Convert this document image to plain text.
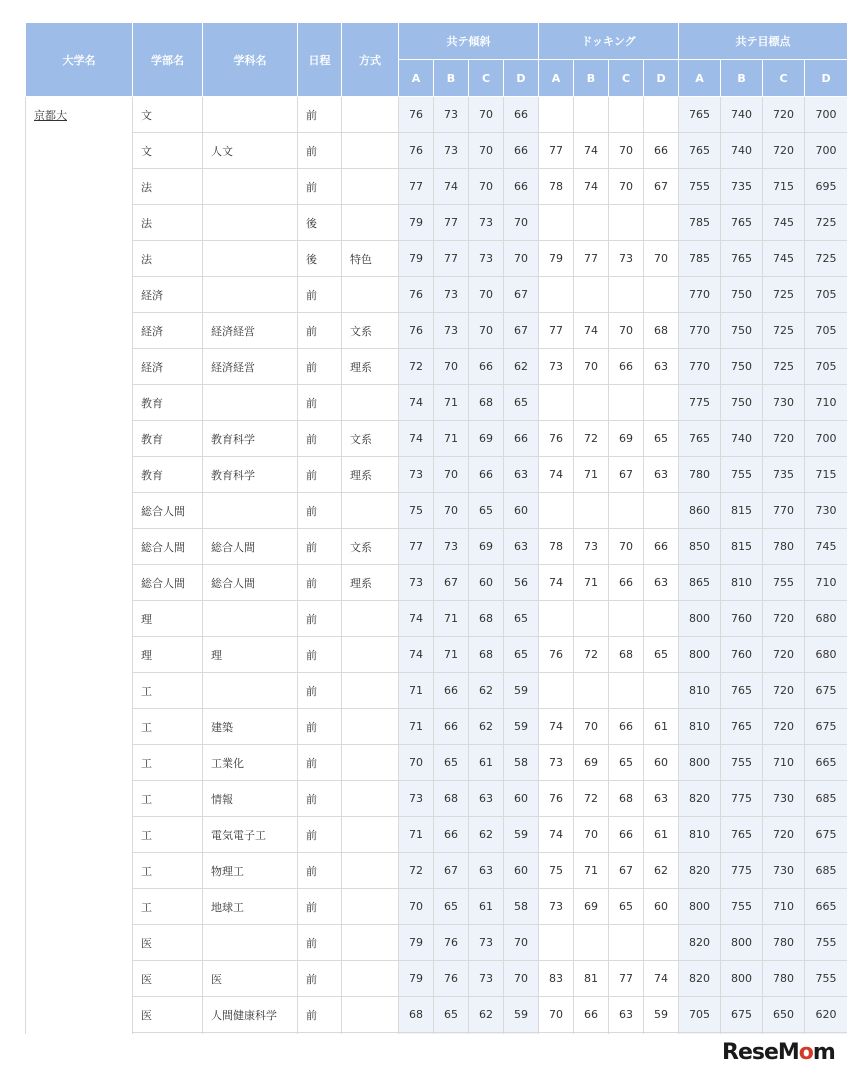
大学名	学部名	学科名	日程	方式	共テ傾斜				ドッキング				共テ目標点			
					A	B	C	D	A	B	C	D	A	B	C	D
京都大	文		前		76	73	70	66					765	740	720	700
	文	人文	前		76	73	70	66	77	74	70	66	765	740	720	700
	法		前		77	74	70	66	78	74	70	67	755	735	715	695
	法		後		79	77	73	70					785	765	745	725
	法		後	特色	79	77	73	70	79	77	73	70	785	765	745	725
	経済		前		76	73	70	67					770	750	725	705
	経済	経済経営	前	文系	76	73	70	67	77	74	70	68	770	750	725	705
	経済	経済経営	前	理系	72	70	66	62	73	70	66	63	770	750	725	705
	教育		前		74	71	68	65					775	750	730	710
	教育	教育科学	前	文系	74	71	69	66	76	72	69	65	765	740	720	700
	教育	教育科学	前	理系	73	70	66	63	74	71	67	63	780	755	735	715
	総合人間		前		75	70	65	60					860	815	770	730
	総合人間	総合人間	前	文系	77	73	69	63	78	73	70	66	850	815	780	745
	総合人間	総合人間	前	理系	73	67	60	56	74	71	66	63	865	810	755	710
	理		前		74	71	68	65					800	760	720	680
	理	理	前		74	71	68	65	76	72	68	65	800	760	720	680
	工		前		71	66	62	59					810	765	720	675
	工	建築	前		71	66	62	59	74	70	66	61	810	765	720	675
	工	工業化	前		70	65	61	58	73	69	65	60	800	755	710	665
	工	情報	前		73	68	63	60	76	72	68	63	820	775	730	685
	工	電気電子工	前		71	66	62	59	74	70	66	61	810	765	720	675
	工	物理工	前		72	67	63	60	75	71	67	62	820	775	730	685
	工	地球工	前		70	65	61	58	73	69	65	60	800	755	710	665
	医		前		79	76	73	70					820	800	780	755
	医	医	前		79	76	73	70	83	81	77	74	820	800	780	755
	医	人間健康科学	前		68	65	62	59	70	66	63	59	705	675	650	620

ReseMom
